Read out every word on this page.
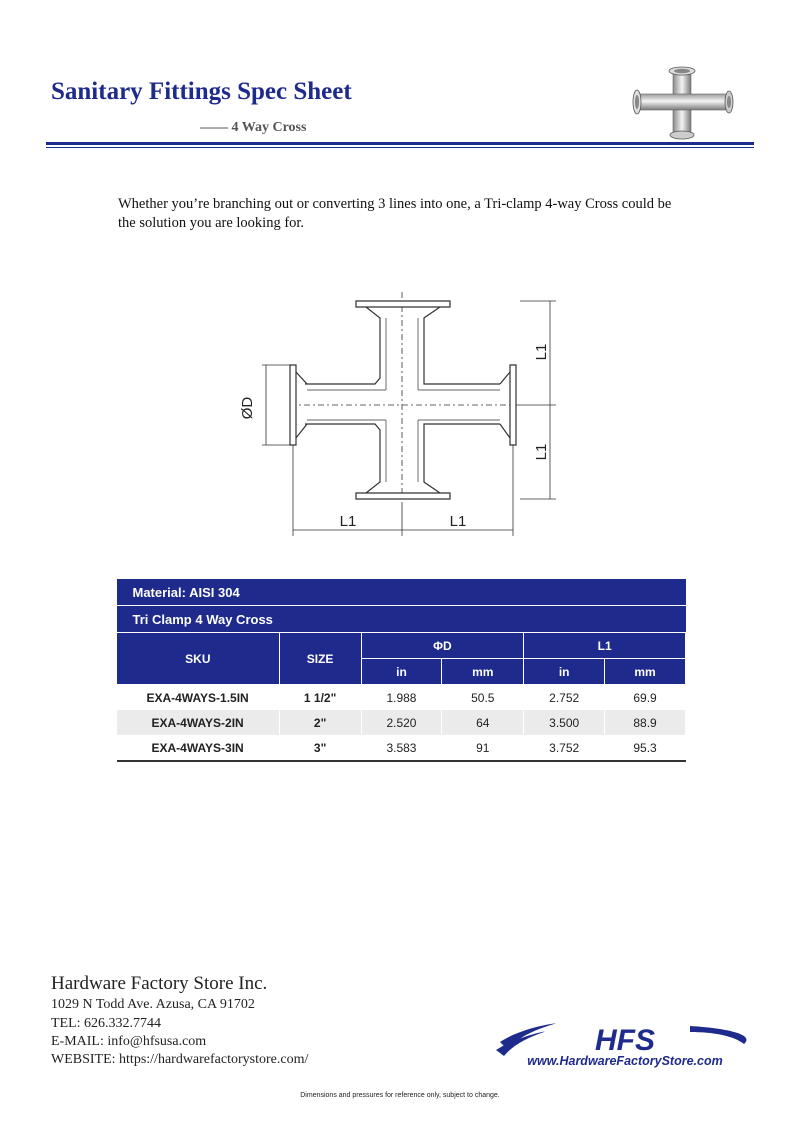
Sanitary Fittings Spec Sheet
—— 4 Way Cross
Whether you’re branching out or converting 3 lines into one, a Tri-clamp 4-way Cross could be the solution you are looking for.
ØD
L1
L1
L1	L1
Material: AISI 304					
Tri Clamp 4 Way Cross					
SKU	SIZE	ΦD		L1	
		in	mm	in	mm
EXA-4WAYS-1.5IN	1 1/2"	1.988	50.5	2.752	69.9
EXA-4WAYS-2IN	2"	2.520	64	3.500	88.9
EXA-4WAYS-3IN	3"	3.583	91	3.752	95.3
Hardware Factory Store Inc.
1029 N Todd Ave. Azusa, CA 91702
TEL: 626.332.7744
E-MAIL: info@hfsusa.com
WEBSITE: https://hardwarefactorystore.com/
HFS
www.HardwareFactoryStore.com
Dimensions and pressures for reference only, subject to change.
